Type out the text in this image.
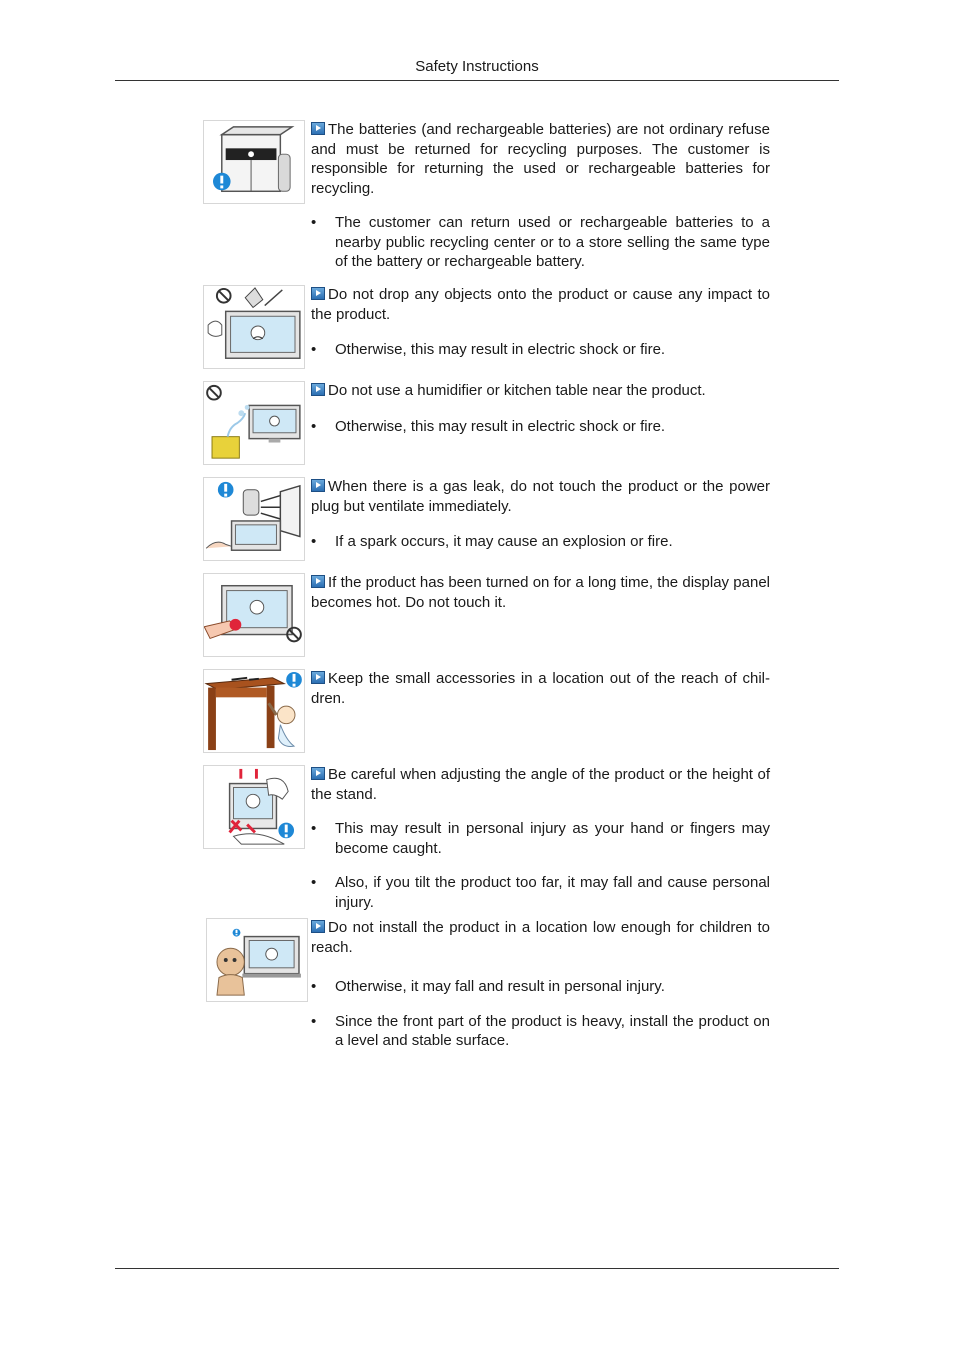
Safety Instructions

The batteries (and rechargeable batteries) are not ordinary refuse and must be returned for recycling purposes. The customer is responsible for returning the used or rechargeable batteries for recycling.

• The customer can return used or rechargeable batteries to a nearby public recycling center or to a store selling the same type of the battery or rechargeable battery.

Do not drop any objects onto the product or cause any impact to the product.

• Otherwise, this may result in electric shock or fire.

Do not use a humidifier or kitchen table near the product.

• Otherwise, this may result in electric shock or fire.

When there is a gas leak, do not touch the product or the power plug but ventilate immediately.

• If a spark occurs, it may cause an explosion or fire.

If the product has been turned on for a long time, the display panel becomes hot. Do not touch it.

Keep the small accessories in a location out of the reach of children.

Be careful when adjusting the angle of the product or the height of the stand.

• This may result in personal injury as your hand or fingers may become caught.

• Also, if you tilt the product too far, it may fall and cause personal injury.

Do not install the product in a location low enough for children to reach.

• Otherwise, it may fall and result in personal injury.

• Since the front part of the product is heavy, install the product on a level and stable surface.
